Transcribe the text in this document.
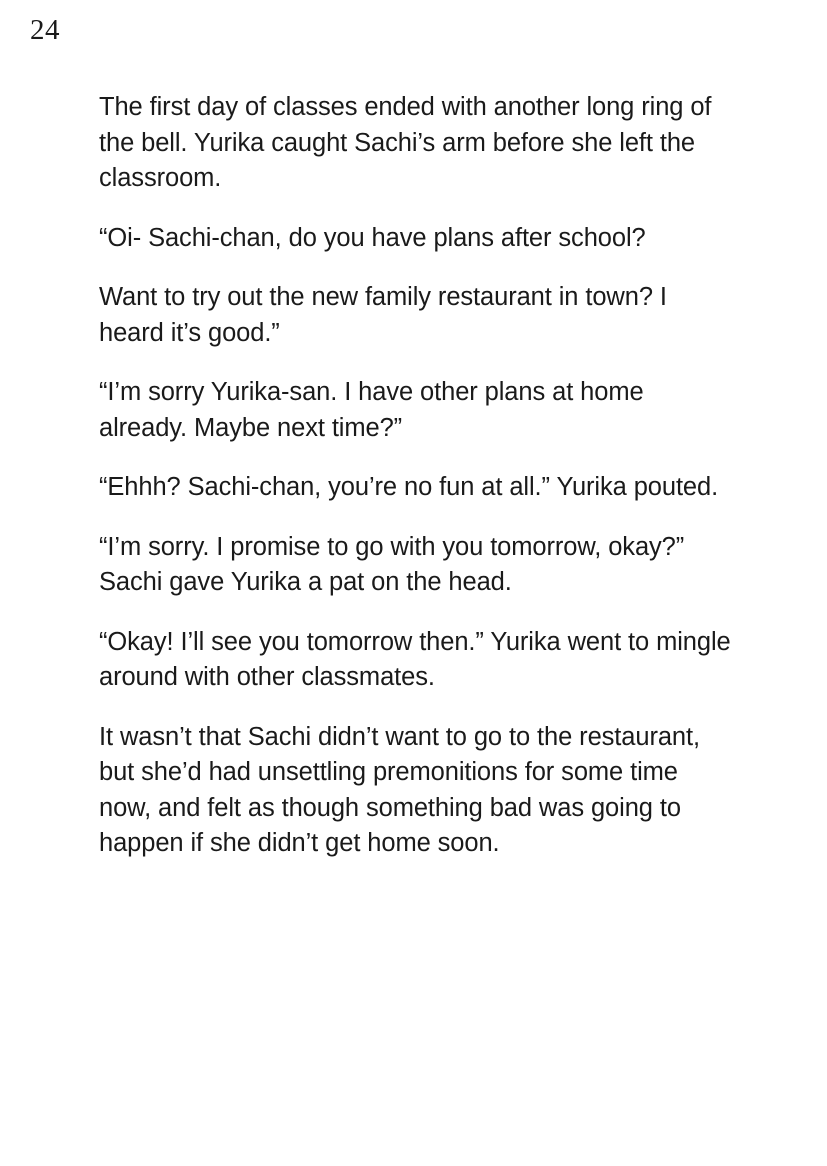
24

The first day of classes ended with another long ring of the bell. Yurika caught Sachi’s arm before she left the classroom.

“Oi- Sachi-chan, do you have plans after school?

Want to try out the new family restaurant in town? I heard it’s good.”

“I’m sorry Yurika-san. I have other plans at home already. Maybe next time?”

“Ehhh? Sachi-chan, you’re no fun at all.” Yurika pouted.

“I’m sorry. I promise to go with you tomorrow, okay?” Sachi gave Yurika a pat on the head.

“Okay! I’ll see you tomorrow then.” Yurika went to mingle around with other classmates.

It wasn’t that Sachi didn’t want to go to the restaurant, but she’d had unsettling premonitions for some time now, and felt as though something bad was going to happen if she didn’t get home soon.
